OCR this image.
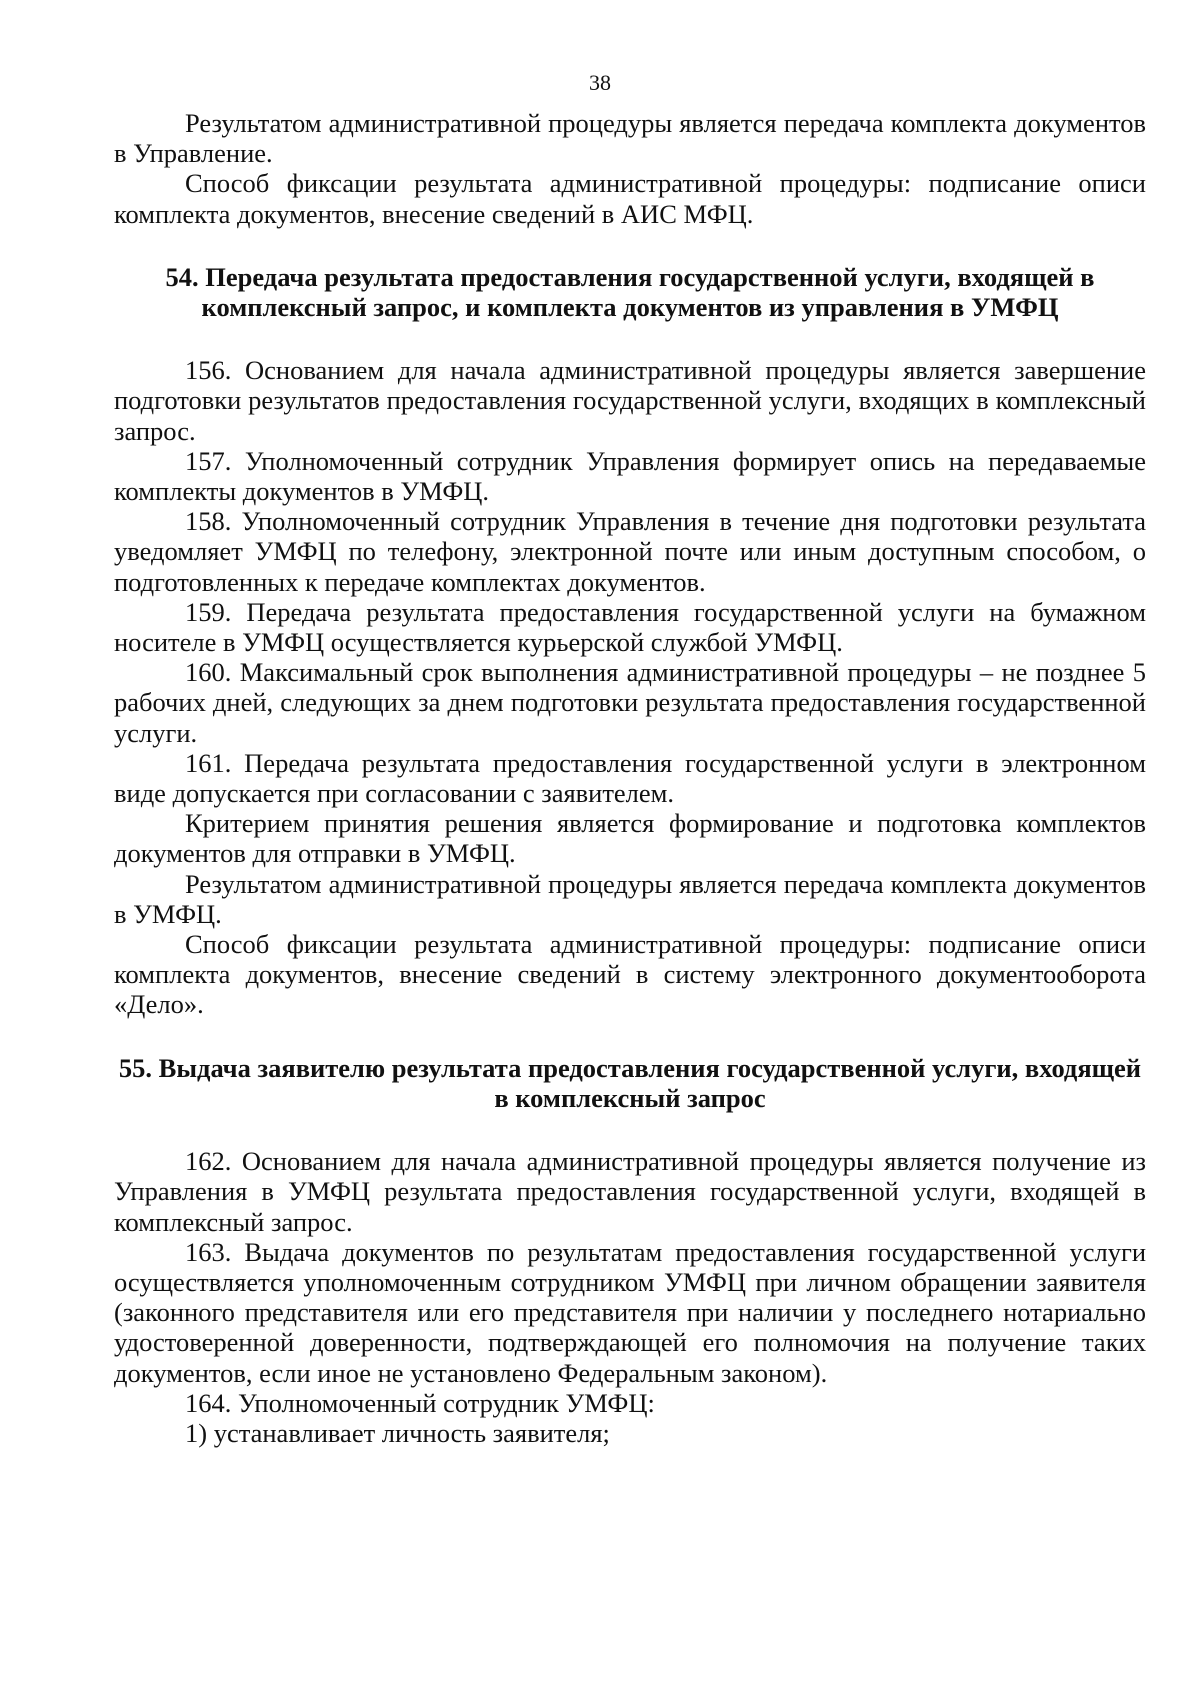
38

Результатом административной процедуры является передача комплекта документов в Управление.

Способ фиксации результата административной процедуры: подписание описи комплекта документов, внесение сведений в АИС МФЦ.

54. Передача результата предоставления государственной услуги, входящей в комплексный запрос, и комплекта документов из управления в УМФЦ

156. Основанием для начала административной процедуры является завершение подготовки результатов предоставления государственной услуги, входящих в комплексный запрос.

157. Уполномоченный сотрудник Управления формирует опись на передаваемые комплекты документов в УМФЦ.

158. Уполномоченный сотрудник Управления в течение дня подготовки результата уведомляет УМФЦ по телефону, электронной почте или иным доступным способом, о подготовленных к передаче комплектах документов.

159. Передача результата предоставления государственной услуги на бумажном носителе в УМФЦ осуществляется курьерской службой УМФЦ.

160. Максимальный срок выполнения административной процедуры – не позднее 5 рабочих дней, следующих за днем подготовки результата предоставления государственной услуги.

161. Передача результата предоставления государственной услуги в электронном виде допускается при согласовании с заявителем.

Критерием принятия решения является формирование и подготовка комплектов документов для отправки в УМФЦ.

Результатом административной процедуры является передача комплекта документов в УМФЦ.

Способ фиксации результата административной процедуры: подписание описи комплекта документов, внесение сведений в систему электронного документооборота «Дело».

55. Выдача заявителю результата предоставления государственной услуги, входящей в комплексный запрос

162. Основанием для начала административной процедуры является получение из Управления в УМФЦ результата предоставления государственной услуги, входящей в комплексный запрос.

163. Выдача документов по результатам предоставления государственной услуги осуществляется уполномоченным сотрудником УМФЦ при личном обращении заявителя (законного представителя или его представителя при наличии у последнего нотариально удостоверенной доверенности, подтверждающей его полномочия на получение таких документов, если иное не установлено Федеральным законом).

164. Уполномоченный сотрудник УМФЦ:

1) устанавливает личность заявителя;
